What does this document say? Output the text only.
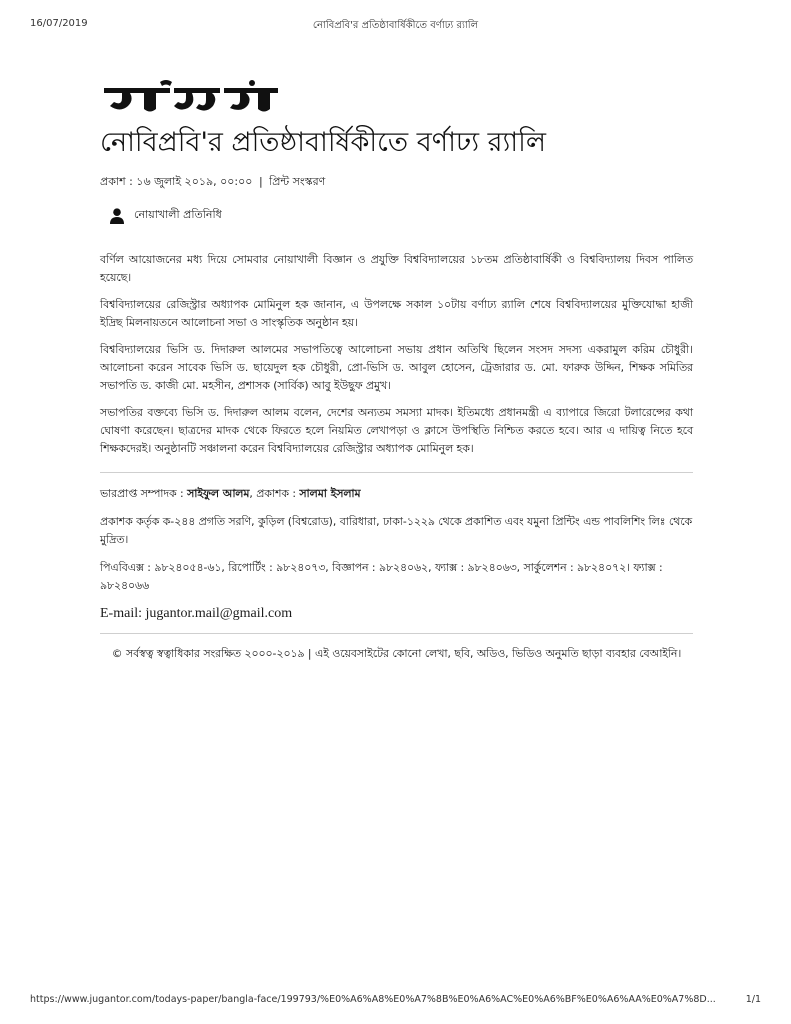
16/07/2019	নোবিপ্রবি'র প্রতিষ্ঠাবার্ষিকীতে বর্ণাঢ্য র‌্যালি
নোবিপ্রবি'র প্রতিষ্ঠাবার্ষিকীতে বর্ণাঢ্য র‌্যালি
প্রকাশ : ১৬ জুলাই ২০১৯, ০০:০০ | প্রিন্ট সংস্করণ
নোয়াখালী প্রতিনিধি

বর্ণিল আয়োজনের মধ্য দিয়ে সোমবার নোয়াখালী বিজ্ঞান ও প্রযুক্তি বিশ্ববিদ্যালয়ের ১৮তম প্রতিষ্ঠাবার্ষিকী ও বিশ্ববিদ্যালয় দিবস পালিত হয়েছে।

বিশ্ববিদ্যালয়ের রেজিস্ট্রার অধ্যাপক মোমিনুল হক জানান, এ উপলক্ষে সকাল ১০টায় বর্ণাঢ্য র‌্যালি শেষে বিশ্ববিদ্যালয়ের মুক্তিযোদ্ধা হাজী ইদ্রিছ মিলনায়তনে আলোচনা সভা ও সাংস্কৃতিক অনুষ্ঠান হয়।

বিশ্ববিদ্যালয়ের ভিসি ড. দিদারুল আলমের সভাপতিত্বে আলোচনা সভায় প্রধান অতিথি ছিলেন সংসদ সদস্য একরামুল করিম চৌধুরী। আলোচনা করেন সাবেক ভিসি ড. ছায়েদুল হক চৌধুরী, প্রো-ভিসি ড. আবুল হোসেন, ট্রেজারার ড. মো. ফারুক উদ্দিন, শিক্ষক সমিতির সভাপতি ড. কাজী মো. মহসীন, প্রশাসক (সার্বিক) আবু ইউছুফ প্রমুখ।

সভাপতির বক্তব্যে ভিসি ড. দিদারুল আলম বলেন, দেশের অন্যতম সমস্যা মাদক। ইতিমধ্যে প্রধানমন্ত্রী এ ব্যাপারে জিরো টলারেন্সের কথা ঘোষণা করেছেন। ছাত্রদের মাদক থেকে ফিরতে হলে নিয়মিত লেখাপড়া ও ক্লাসে উপস্থিতি নিশ্চিত করতে হবে। আর এ দায়িত্ব নিতে হবে শিক্ষকদেরই। অনুষ্ঠানটি সঞ্চালনা করেন বিশ্ববিদ্যালয়ের রেজিস্ট্রার অধ্যাপক মোমিনুল হক।

ভারপ্রাপ্ত সম্পাদক : সাইফুল আলম, প্রকাশক : সালমা ইসলাম

প্রকাশক কর্তৃক ক-২৪৪ প্রগতি সরণি, কুড়িল (বিশ্বরোড), বারিধারা, ঢাকা-১২২৯ থেকে প্রকাশিত এবং যমুনা প্রিন্টিং এন্ড পাবলিশিং লিঃ থেকে মুদ্রিত।

পিএবিএক্স : ৯৮২৪০৫৪-৬১, রিপোর্টিং : ৯৮২৪০৭৩, বিজ্ঞাপন : ৯৮২৪০৬২, ফ্যাক্স : ৯৮২৪০৬৩, সার্কুলেশন : ৯৮২৪০৭২। ফ্যাক্স : ৯৮২৪০৬৬

E-mail: jugantor.mail@gmail.com

© সর্বস্বত্ব স্বত্বাধিকার সংরক্ষিত ২০০০-২০১৯ | এই ওয়েবসাইটের কোনো লেখা, ছবি, অডিও, ভিডিও অনুমতি ছাড়া ব্যবহার বেআইনি।

https://www.jugantor.com/todays-paper/bangla-face/199793/%E0%A6%A8%E0%A7%8B%E0%A6%AC%E0%A6%BF%E0%A6%AA%E0%A7%8D...	1/1
